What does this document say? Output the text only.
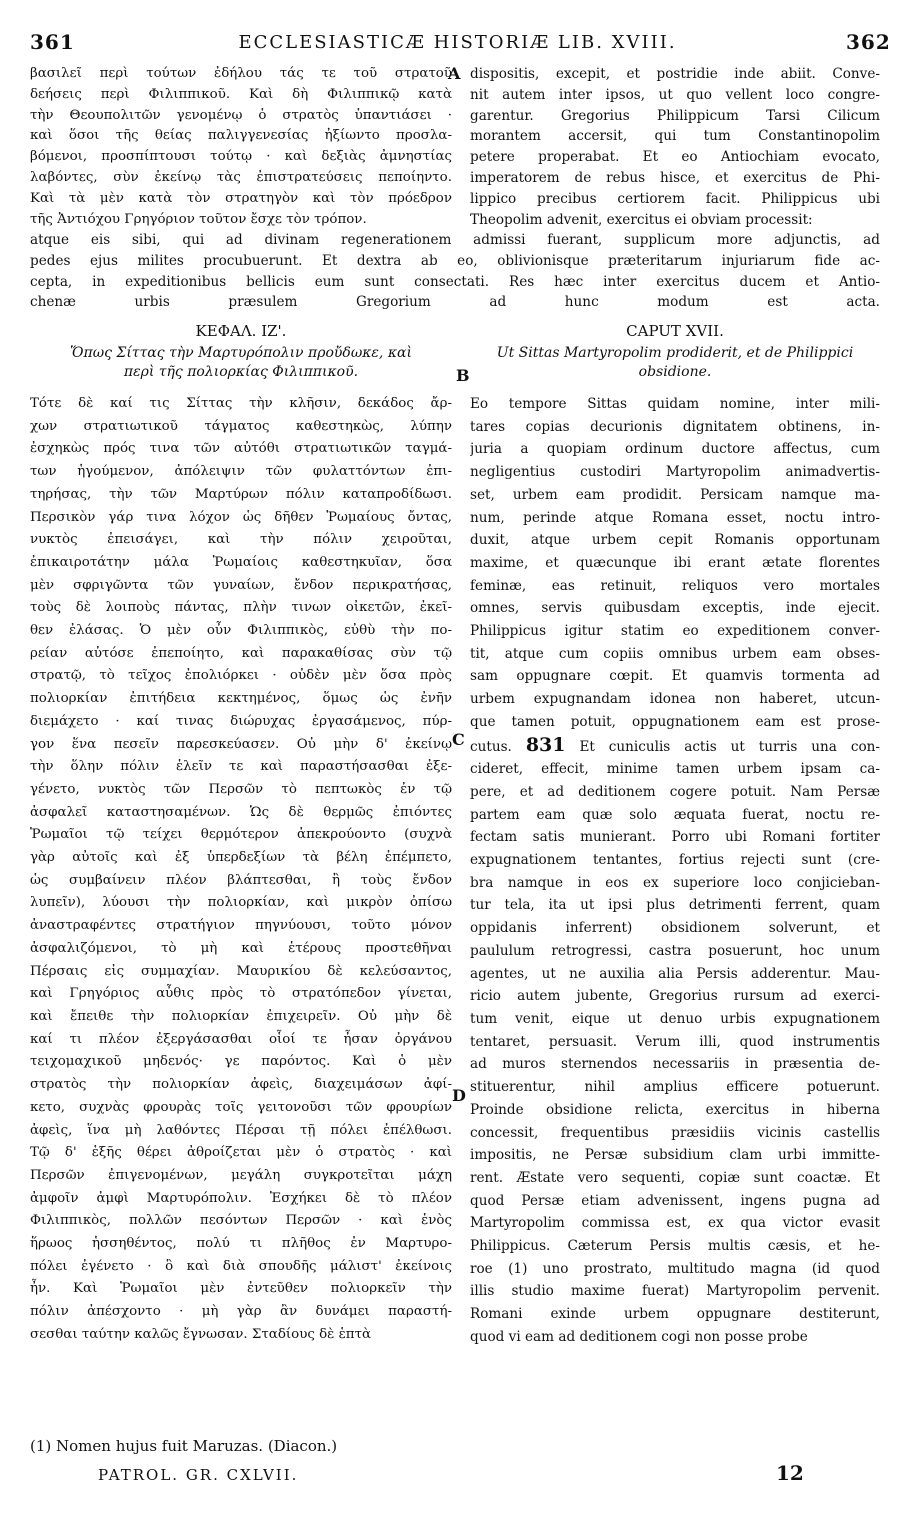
361	ECCLESIASTICÆ HISTORIÆ LIB. XVIII.	362
βασιλεῖ περὶ τούτων ἐδήλου τάς τε τοῦ στρατοῦ
δεήσεις περὶ Φιλιππικοῦ. Καὶ δὴ Φιλιππικῷ κατὰ
τὴν Θεουπολιτῶν γενομένῳ ὁ στρατὸς ὑπαντιάσει ·
καὶ ὅσοι τῆς θείας παλιγγενεσίας ἠξίωντο προσλα-
βόμενοι, προσπίπτουσι τούτῳ · καὶ δεξιὰς ἀμνηστίας
λαβόντες, σὺν ἐκείνῳ τὰς ἐπιστρατεύσεις πεποίηντο.
Καὶ τὰ μὲν κατὰ τὸν στρατηγὸν καὶ τὸν πρόεδρον
τῆς Ἀντιόχου Γρηγόριον τοῦτον ἔσχε τὸν τρόπον.
A dispositis, excepit, et postridie inde abiit. Conve-
nit autem inter ipsos, ut quo vellent loco congre-
garentur. Gregorius Philippicum Tarsi Cilicum
morantem accersit, qui tum Constantinopolim
petere properabat. Et eo Antiochiam evocato,
imperatorem de rebus hisce, et exercitus de Phi-
lippico precibus certiorem facit. Philippicus ubi
Theopolim advenit, exercitus ei obviam processit:
atque eis sibi, qui ad divinam regenerationem admissi fuerant, supplicum more adjunctis, ad
pedes ejus milites procubuerunt. Et dextra ab eo, oblivionisque præteritarum injuriarum fide ac-
cepta, in expeditionibus bellicis eum sunt consectati. Res hæc inter exercitus ducem et Antio-
chenæ urbis præsulem Gregorium ad hunc modum est acta.
ΚΕΦΑΛ. ΙΖ'.
Ὅπως Σίττας τὴν Μαρτυρόπολιν προὔδωκε, καὶ
περὶ τῆς πολιορκίας Φιλιππικοῦ.	B
CAPUT XVII.
Ut Sittas Martyropolim prodiderit, et de Philippici
obsidione.
Τότε δὲ καί τις Σίττας τὴν κλῆσιν, δεκάδος ἄρ-
χων στρατιωτικοῦ τάγματος καθεστηκὼς, λύπην
ἐσχηκὼς πρός τινα τῶν αὐτόθι στρατιωτικῶν ταγμά-
των ἡγούμενον, ἀπόλειψιν τῶν φυλαττόντων ἐπι-
τηρήσας, τὴν τῶν Μαρτύρων πόλιν καταπροδίδωσι.
Περσικὸν γάρ τινα λόχον ὡς δῆθεν Ῥωμαίους ὄντας,
νυκτὸς ἐπεισάγει, καὶ τὴν πόλιν χειροῦται,
ἐπικαιροτάτην μάλα Ῥωμαίοις καθεστηκυῖαν, ὅσα
μὲν σφριγῶντα τῶν γυναίων, ἔνδον περικρατήσας,
τοὺς δὲ λοιποὺς πάντας, πλὴν τινων οἰκετῶν, ἐκεῖ-
θεν ἐλάσας. Ὁ μὲν οὖν Φιλιππικὸς, εὐθὺ τὴν πο-
ρείαν αὐτόσε ἐπεποίητο, καὶ παρακαθίσας σὺν τῷ
στρατῷ, τὸ τεῖχος ἐπολιόρκει · οὐδὲν μὲν ὅσα πρὸς
πολιορκίαν ἐπιτήδεια κεκτημένος, ὅμως ὡς ἐνῆν
διεμάχετο · καί τινας διώρυχας ἐργασάμενος, πύρ-
γον ἕνα πεσεῖν παρεσκεύασεν. Οὐ μὴν δ' ἐκείνῳ
τὴν ὅλην πόλιν ἑλεῖν τε καὶ παραστήσασθαι ἐξε-
γένετο, νυκτὸς τῶν Περσῶν τὸ πεπτωκὸς ἐν τῷ
ἀσφαλεῖ καταστησαμένων. Ὡς δὲ θερμῶς ἐπιόντες
Ῥωμαῖοι τῷ τείχει θερμότερον ἀπεκρούοντο (συχνὰ
γὰρ αὐτοῖς καὶ ἐξ ὑπερδεξίων τὰ βέλη ἐπέμπετο,
ὡς συμβαίνειν πλέον βλάπτεσθαι, ἢ τοὺς ἔνδον
λυπεῖν), λύουσι τὴν πολιορκίαν, καὶ μικρὸν ὀπίσω
ἀναστραφέντες στρατήγιον πηγνύουσι, τοῦτο μόνον
ἀσφαλιζόμενοι, τὸ μὴ καὶ ἑτέρους προστεθῆναι
Πέρσαις εἰς συμμαχίαν. Μαυρικίου δὲ κελεύσαντος,
καὶ Γρηγόριος αὖθις πρὸς τὸ στρατόπεδον γίνεται,
καὶ ἔπειθε τὴν πολιορκίαν ἐπιχειρεῖν. Οὐ μὴν δὲ
καί τι πλέον ἐξεργάσασθαι οἷοί τε ἦσαν ὀργάνου
τειχομαχικοῦ μηδενός· γε παρόντος. Καὶ ὁ μὲν
στρατὸς τὴν πολιορκίαν ἀφεὶς, διαχειμάσων ἀφί-
κετο, συχνὰς φρουρὰς τοῖς γειτονοῦσι τῶν φρουρίων
ἀφεὶς, ἵνα μὴ λαθόντες Πέρσαι τῇ πόλει ἐπέλθωσι.
Τῷ δ' ἑξῆς θέρει ἀθροίζεται μὲν ὁ στρατὸς · καὶ
Περσῶν ἐπιγενομένων, μεγάλη συγκροτεῖται μάχη
ἀμφοῖν ἀμφὶ Μαρτυρόπολιν. Ἐσχήκει δὲ τὸ πλέον
Φιλιππικὸς, πολλῶν πεσόντων Περσῶν · καὶ ἑνὸς
ἥρωος ἡσσηθέντος, πολύ τι πλῆθος ἐν Μαρτυρο-
πόλει ἐγένετο · ὃ καὶ διὰ σπουδῆς μάλιστ' ἐκείνοις
ἦν. Καὶ Ῥωμαῖοι μὲν ἐντεῦθεν πολιορκεῖν τὴν
πόλιν ἀπέσχοντο · μὴ γὰρ ἂν δυνάμει παραστή-
σεσθαι ταύτην καλῶς ἔγνωσαν. Σταδίους δὲ ἑπτὰ
C
D
Eo tempore Sittas quidam nomine, inter mili-
tares copias decurionis dignitatem obtinens, in-
juria a quopiam ordinum ductore affectus, cum
negligentius custodiri Martyropolim animadvertis-
set, urbem eam prodidit. Persicam namque ma-
num, perinde atque Romana esset, noctu intro-
duxit, atque urbem cepit Romanis opportunam
maxime, et quæcunque ibi erant ætate florentes
feminæ, eas retinuit, reliquos vero mortales
omnes, servis quibusdam exceptis, inde ejecit.
Philippicus igitur statim eo expeditionem conver-
tit, atque cum copiis omnibus urbem eam obses-
sam oppugnare cœpit. Et quamvis tormenta ad
urbem expugnandam idonea non haberet, utcun-
que tamen potuit, oppugnationem eam est prose-
cutus. 831 Et cuniculis actis ut turris una con-
cideret, effecit, minime tamen urbem ipsam ca-
pere, et ad deditionem cogere potuit. Nam Persæ
partem eam quæ solo æquata fuerat, noctu re-
fectam satis munierant. Porro ubi Romani fortiter
expugnationem tentantes, fortius rejecti sunt (cre-
bra namque in eos ex superiore loco conjicieban-
tur tela, ita ut ipsi plus detrimenti ferrent, quam
oppidanis inferrent) obsidionem solverunt, et
paululum retrogressi, castra posuerunt, hoc unum
agentes, ut ne auxilia alia Persis adderentur. Mau-
ricio autem jubente, Gregorius rursum ad exerci-
tum venit, eique ut denuo urbis expugnationem
tentaret, persuasit. Verum illi, quod instrumentis
ad muros sternendos necessariis in præsentia de-
stituerentur, nihil amplius efficere potuerunt.
Proinde obsidione relicta, exercitus in hiberna
concessit, frequentibus præsidiis vicinis castellis
impositis, ne Persæ subsidium clam urbi immitte-
rent. Æstate vero sequenti, copiæ sunt coactæ. Et
quod Persæ etiam advenissent, ingens pugna ad
Martyropolim commissa est, ex qua victor evasit
Philippicus. Cæterum Persis multis cæsis, et he-
roe (1) uno prostrato, multitudo magna (id quod
illis studio maxime fuerat) Martyropolim pervenit.
Romani exinde urbem oppugnare destiterunt,
quod vi eam ad deditionem cogi non posse probe
(1) Nomen hujus fuit Maruzas. (Diacon.)
PATROL. GR. CXLVII.	12
